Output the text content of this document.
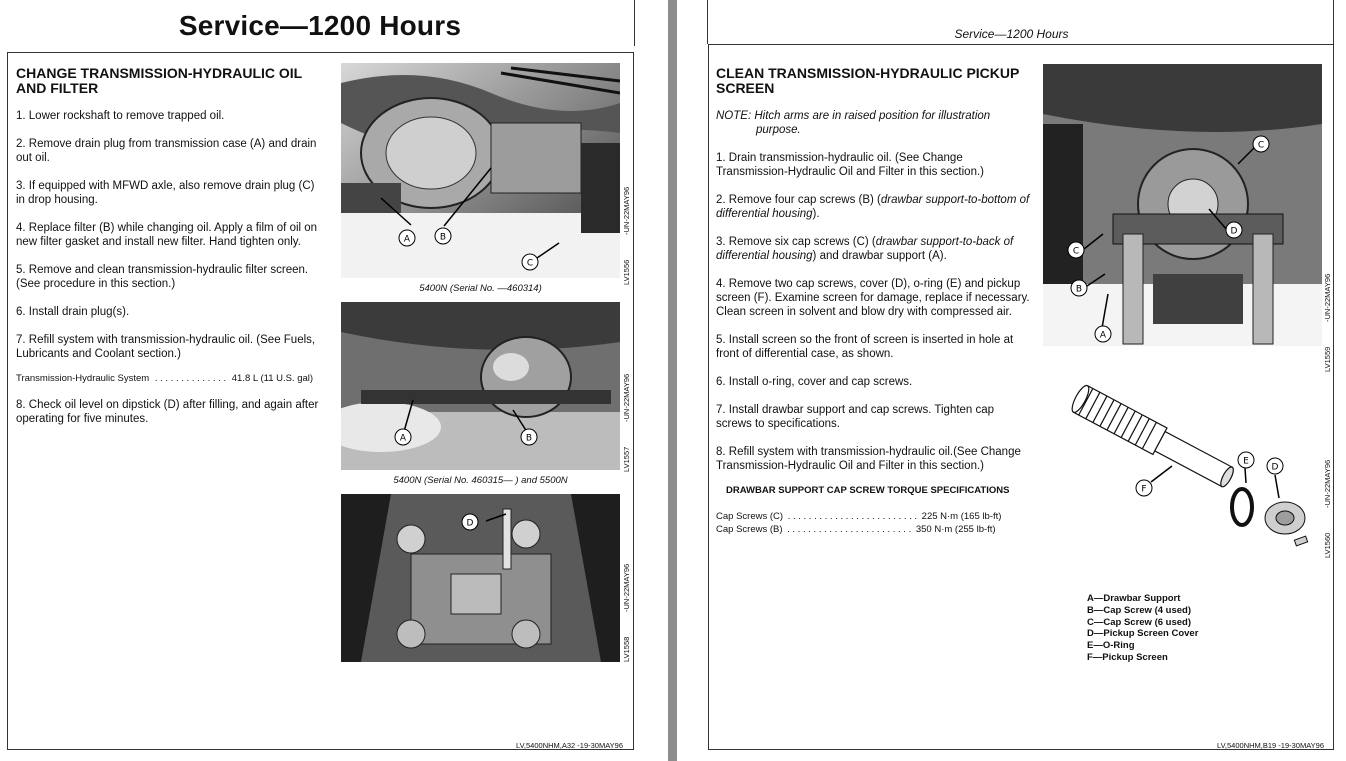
Service—1200 Hours
CHANGE TRANSMISSION-HYDRAULIC OIL AND FILTER

1. Lower rockshaft to remove trapped oil.

2. Remove drain plug from transmission case (A) and drain out oil.

3. If equipped with MFWD axle, also remove drain plug (C) in drop housing.

4. Replace filter (B) while changing oil. Apply a film of oil on new filter gasket and install new filter. Hand tighten only.

5. Remove and clean transmission-hydraulic filter screen. (See procedure in this section.)

6. Install drain plug(s).

7. Refill system with transmission-hydraulic oil. (See Fuels, Lubricants and Coolant section.)

Transmission-Hydraulic System . . . . . . . . . . . . . . 41.8 L (11 U.S. gal)

8. Check oil level on dipstick (D) after filling, and again after operating for five minutes.

A	B
C	LV1556
-UN-22MAY96
5400N (Serial No. —460314)
A	B
LV1557
-UN-22MAY96
5400N (Serial No. 460315— ) and 5500N
D
LV1558
-UN-22MAY96
LV,5400NHM,A32 -19-30MAY96
Service—1200 Hours
CLEAN TRANSMISSION-HYDRAULIC PICKUP SCREEN

NOTE: Hitch arms are in raised position for illustration purpose.

1. Drain transmission-hydraulic oil. (See Change Transmission-Hydraulic Oil and Filter in this section.)

2. Remove four cap screws (B) (drawbar support-to-bottom of differential housing).

3. Remove six cap screws (C) (drawbar support-to-back of differential housing) and drawbar support (A).

4. Remove two cap screws, cover (D), o-ring (E) and pickup screen (F). Examine screen for damage, replace if necessary. Clean screen in solvent and blow dry with compressed air.

5. Install screen so the front of screen is inserted in hole at front of differential case, as shown.

6. Install o-ring, cover and cap screws.

7. Install drawbar support and cap screws. Tighten cap screws to specifications.

8. Refill system with transmission-hydraulic oil.(See Change Transmission-Hydraulic Oil and Filter in this section.)

DRAWBAR SUPPORT CAP SCREW TORQUE SPECIFICATIONS
Cap Screws (C) . . . . . . . . . . . . . . . . . . . . . . . . . 225 N·m (165 lb-ft)
Cap Screws (B) . . . . . . . . . . . . . . . . . . . . . . . . 350 N·m (255 lb-ft)
C
D
C
B
A
LV1559
-UN-22MAY96
F
E
D
LV1560
-UN-22MAY96
A—Drawbar Support
B—Cap Screw (4 used)
C—Cap Screw (6 used)
D—Pickup Screen Cover
E—O-Ring
F—Pickup Screen
LV,5400NHM,B19 -19-30MAY96
